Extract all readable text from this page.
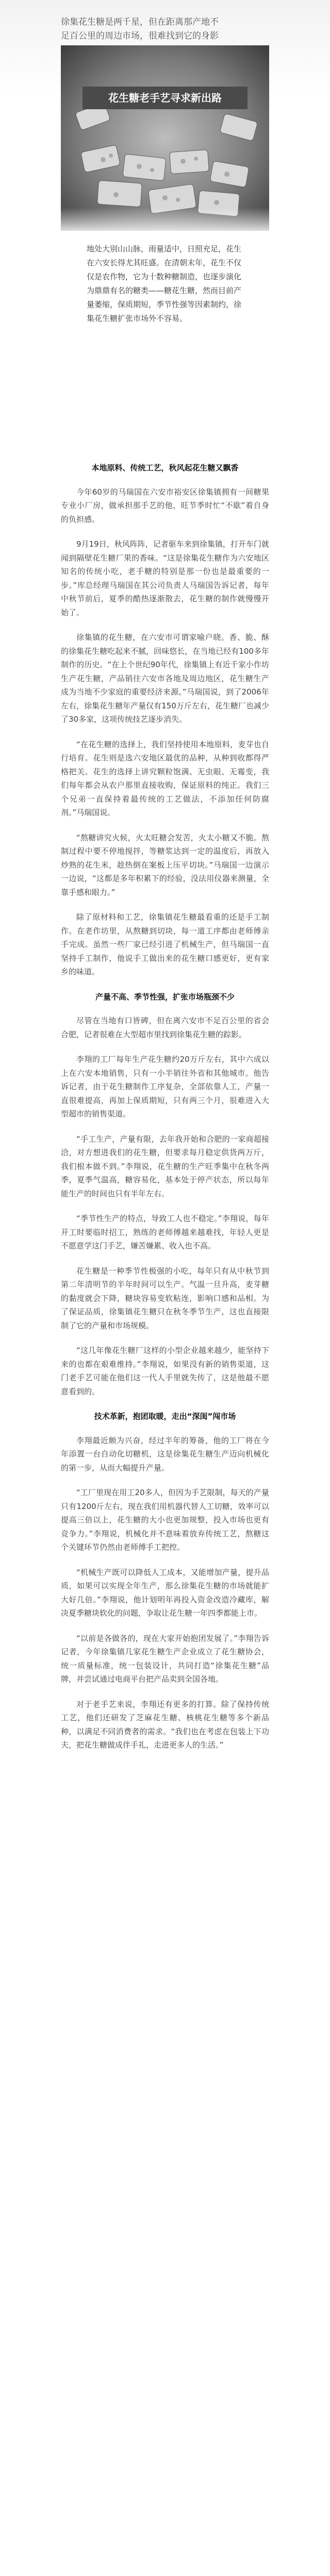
徐集花生糖是两千星，但在距离那产地不足百公里的周边市场，很难找到它的身影
花生糖老手艺寻求新出路
地处大别山山脉，雨量适中，日照充足，花生在六安长得尤其旺盛。在清朝末年，花生不仅仅是农作物，它为十数种糖制造，也逐步演化为鼎鼎有名的糖类——糖花生糖，然而目前产量萎缩，保质期短，季节性强等因素制约，徐集花生糖扩张市场外不容易。
本地原料、传统工艺，秋风起花生糖又飘香

今年60岁的马瑞国在六安市裕安区徐集镇拥有一间糖果专业小厂房，做承担那手艺的他，旺节季时忙“不歇”着自身的负担感。

9月19日，秋风阵阵，记者驱车来到徐集镇，打开车门就闻到隔壁花生糖厂果的香味。“这是徐集花生糖作为六安地区知名的传统小吃，老手糖的特别是那一份也是最重要的一步。”库总经理马瑞国在其公司负责人马瑞国告诉记者，每年中秋节前后，夏季的酷热逐渐散去，花生糖的制作就慢慢开始了。

徐集镇的花生糖，在六安市可谓家喻户晓。香、脆、酥的徐集花生糖吃起来不腻，回味悠长，在当地已经有100多年制作的历史。“在上个世纪90年代，徐集镇上有近千家小作坊生产花生糖，产品销往六安市各地及周边地区，花生糖生产成为当地不少家庭的重要经济来源。”马瑞国说，到了2006年左右，徐集花生糖年产量仅有150万斤左右，花生糖厂也减少了30多家，这项传统技艺逐步消失。

“在花生糖的选择上，我们坚持使用本地原料，麦芽也自行培育。花生则是选六安地区最优的品种，从种到收都得严格把关。花生的选择上讲究颗粒饱满、无虫眼、无霉变，我们每年都会从农户那里直接收购，保证原料的纯正。我们三个兄弟一直保持着最传统的工艺做法，不添加任何防腐剂。”马瑞国说。

“熬糖讲究火候，火太旺糖会发苦，火太小糖又不脆。熬制过程中要不停地搅拌，等糖浆达到一定的温度后，再放入炒熟的花生米，趁热倒在案板上压平切块。”马瑞国一边演示一边说，“这都是多年积累下的经验，没法用仪器来测量，全靠手感和眼力。”

除了原材料和工艺，徐集镇花生糖最看重的还是手工制作。在老作坊里，从熬糖到切块，每一道工序都由老师傅亲手完成。虽然一些厂家已经引进了机械生产，但马瑞国一直坚持手工制作，他说手工做出来的花生糖口感更好，更有家乡的味道。

产量不高、季节性强，扩张市场瓶颈不少

尽管在当地有口皆碑，但在离六安市不足百公里的省会合肥，记者很难在大型超市里找到徐集花生糖的踪影。

李翔的工厂每年生产花生糖约20万斤左右，其中六成以上在六安本地销售，只有一小半销往外省和其他城市。他告诉记者，由于花生糖制作工序复杂，全部依靠人工，产量一直很难提高，再加上保质期短，只有两三个月，很难进入大型超市的销售渠道。

“手工生产，产量有限，去年我开始和合肥的一家商超接洽，对方想进我们的花生糖，但要求每月稳定供货两万斤，我们根本做不到。”李翔说，花生糖的生产旺季集中在秋冬两季，夏季气温高，糖容易化，基本处于停产状态，所以每年能生产的时间也只有半年左右。

“季节性生产的特点，导致工人也不稳定。”李翔说，每年开工时要临时招工，熟练的老师傅越来越难找，年轻人更是不愿意学这门手艺，嫌苦嫌累、收入也不高。

花生糖是一种季节性极强的小吃，每年只有从中秋节到第二年清明节的半年时间可以生产。气温一旦升高，麦芽糖的黏度就会下降，糖块容易变软粘连，影响口感和品相。为了保证品质，徐集镇花生糖只在秋冬季节生产，这也直接限制了它的产量和市场规模。

“这几年像花生糖厂这样的小型企业越来越少，能坚持下来的也都在艰难维持。”李翔说，如果没有新的销售渠道，这门老手艺可能在他们这一代人手里就失传了，这是他最不愿意看到的。

技术革新，抱团取暖，走出“深闺”闯市场

李翔最近颇为兴奋，经过半年的筹备，他的工厂将在今年添置一台自动化切糖机，这是徐集花生糖生产迈向机械化的第一步，从而大幅提升产量。

“工厂里现在用工20多人，但因为手艺限制，每天的产量只有1200斤左右，现在我们用机器代替人工切糖，效率可以提高三倍以上，花生糖的大小也更加规整，投入市场也更有竞争力。”李翔说，机械化并不意味着放弃传统工艺，熬糖这个关键环节仍然由老师傅手工把控。

“机械生产既可以降低人工成本，又能增加产量，提升品质，如果可以实现全年生产，那么徐集花生糖的市场就能扩大好几倍。”李翔说，他计划明年再投入资金改造冷藏库，解决夏季糖块软化的问题，争取让花生糖一年四季都能上市。

“以前是各做各的，现在大家开始抱团发展了。”李翔告诉记者，今年徐集镇几家花生糖生产企业成立了花生糖协会，统一质量标准，统一包装设计，共同打造“徐集花生糖”品牌，并尝试通过电商平台把产品卖到全国各地。

对于老手艺来说，李翔还有更多的打算。除了保持传统工艺，他们还研发了芝麻花生糖、核桃花生糖等多个新品种，以满足不同消费者的需求。“我们也在考虑在包装上下功夫，把花生糖做成伴手礼，走进更多人的生活。”
